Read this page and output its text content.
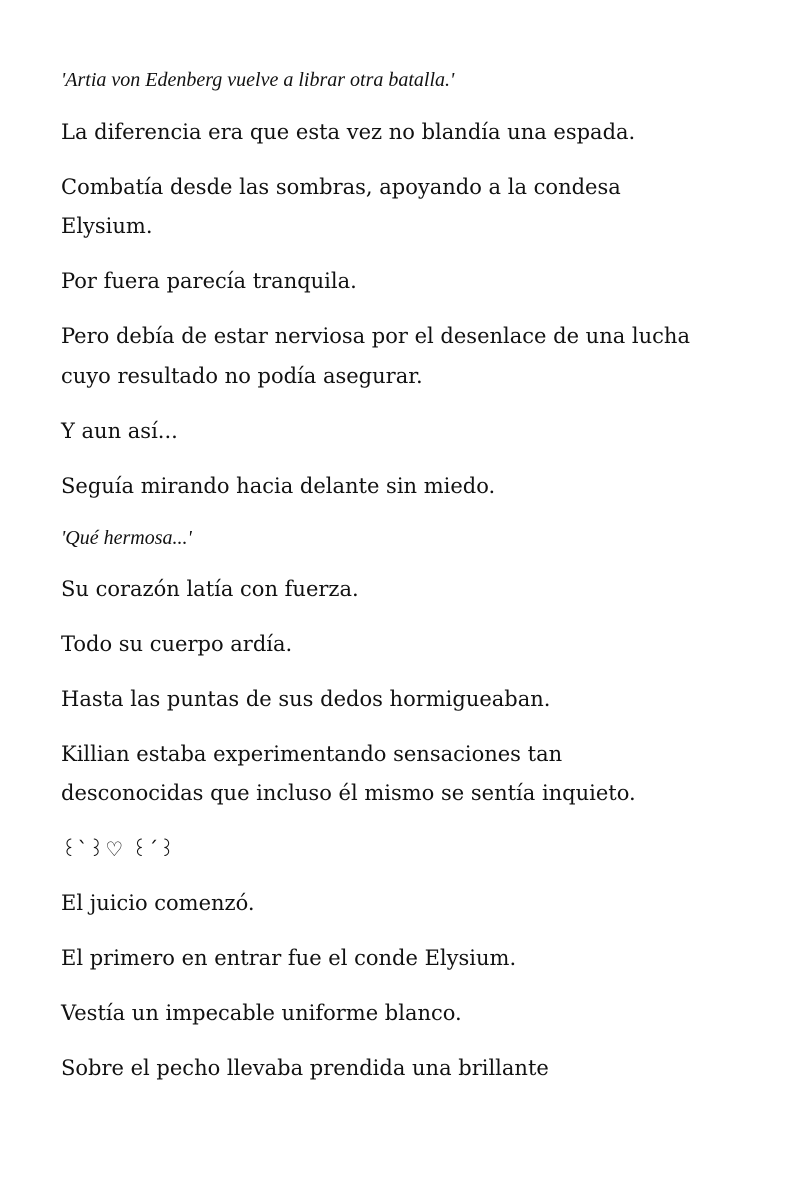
'Artia von Edenberg vuelve a librar otra batalla.'
La diferencia era que esta vez no blandía una espada.
Combatía desde las sombras, apoyando a la condesa
Elysium.
Por fuera parecía tranquila.
Pero debía de estar nerviosa por el desenlace de una lucha
cuyo resultado no podía asegurar.
Y aun así...
Seguía mirando hacia delante sin miedo.
'Qué hermosa...'
Su corazón latía con fuerza.
Todo su cuerpo ardía.
Hasta las puntas de sus dedos hormigueaban.
Killian estaba experimentando sensaciones tan
desconocidas que incluso él mismo se sentía inquieto.
꒰`꒱♡ ꒰´꒱
El juicio comenzó.
El primero en entrar fue el conde Elysium.
Vestía un impecable uniforme blanco.
Sobre el pecho llevaba prendida una brillante
